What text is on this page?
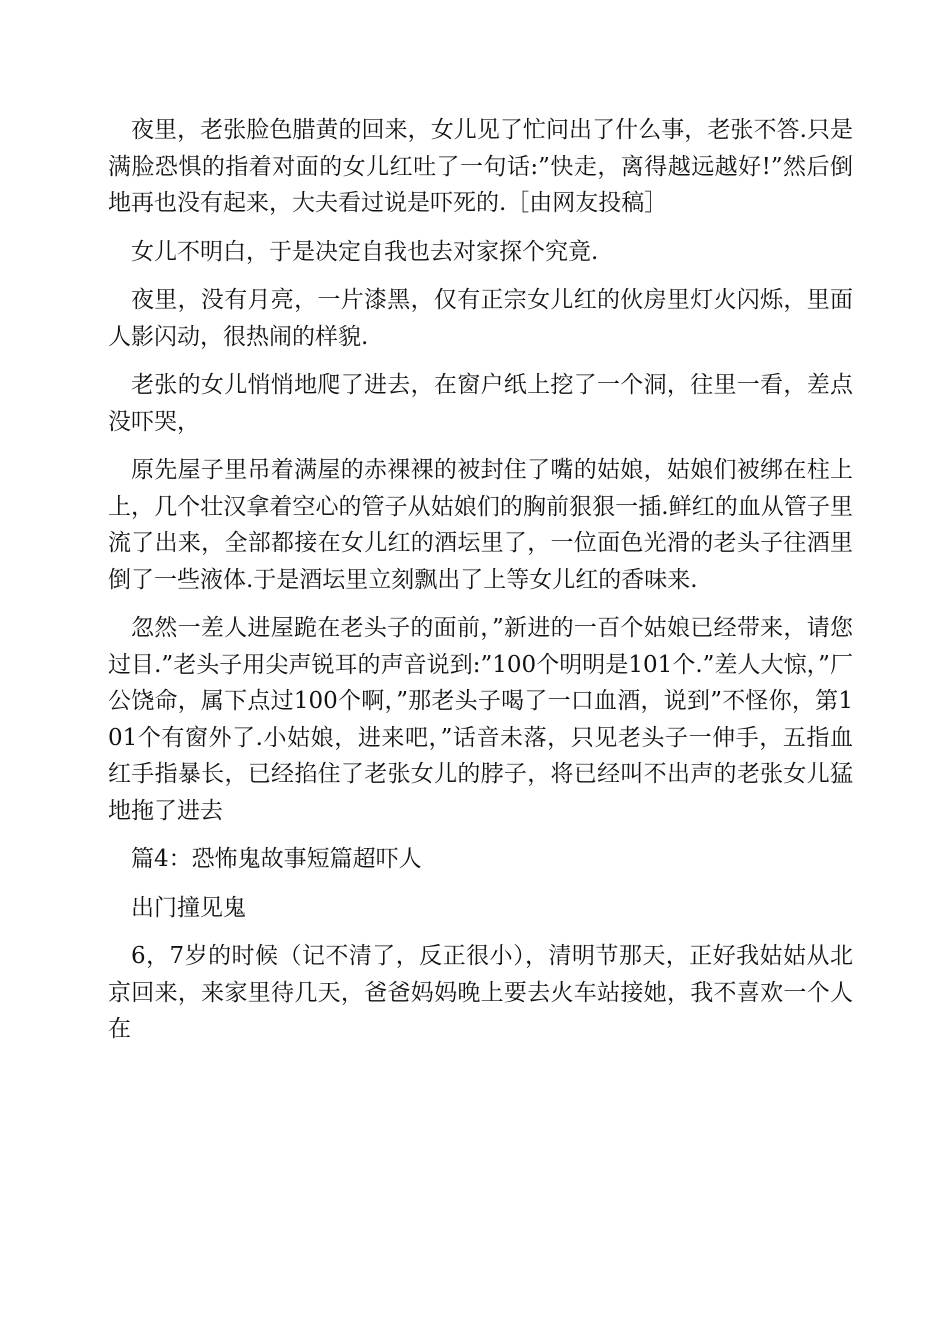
夜里，老张脸色腊黄的回来，女儿见了忙问出了什么事，老张不答.只是满脸恐惧的指着对面的女儿红吐了一句话:”快走，离得越远越好!”然后倒地再也没有起来，大夫看过说是吓死的.［由网友投稿］

女儿不明白，于是决定自我也去对家探个究竟.

夜里，没有月亮，一片漆黑，仅有正宗女儿红的伙房里灯火闪烁，里面人影闪动，很热闹的样貌.

老张的女儿悄悄地爬了进去，在窗户纸上挖了一个洞，往里一看，差点没吓哭，

原先屋子里吊着满屋的赤裸裸的被封住了嘴的姑娘，姑娘们被绑在柱上上，几个壮汉拿着空心的管子从姑娘们的胸前狠狠一插.鲜红的血从管子里流了出来，全部都接在女儿红的酒坛里了，一位面色光滑的老头子往酒里倒了一些液体.于是酒坛里立刻飘出了上等女儿红的香味来.

忽然一差人进屋跪在老头子的面前，”新进的一百个姑娘已经带来，请您过目.”老头子用尖声锐耳的声音说到:”100个明明是101个.”差人大惊，”厂公饶命，属下点过100个啊，”那老头子喝了一口血酒，说到”不怪你，第101个有窗外了.小姑娘，进来吧，”话音未落，只见老头子一伸手，五指血红手指暴长，已经掐住了老张女儿的脖子，将已经叫不出声的老张女儿猛地拖了进去

篇4：恐怖鬼故事短篇超吓人

出门撞见鬼

6，7岁的时候（记不清了，反正很小），清明节那天，正好我姑姑从北京回来，来家里待几天，爸爸妈妈晚上要去火车站接她，我不喜欢一个人在
